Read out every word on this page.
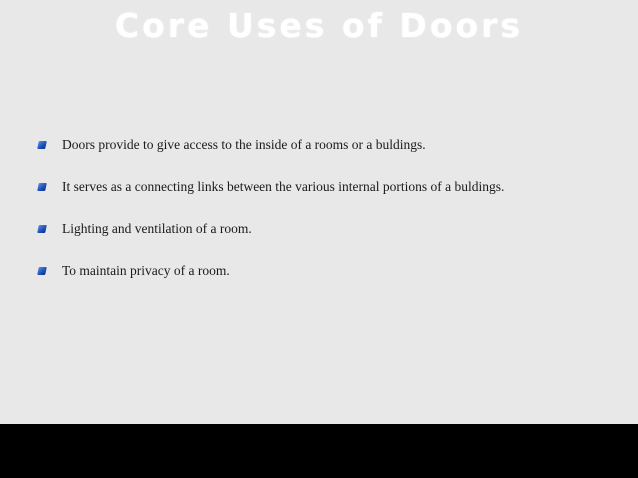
Core Uses of Doors
Doors provide to give access to the inside of a rooms or a buldings.
It serves as a connecting links between the various internal portions of a buldings.
Lighting and ventilation of a room.
To maintain privacy of a room.
